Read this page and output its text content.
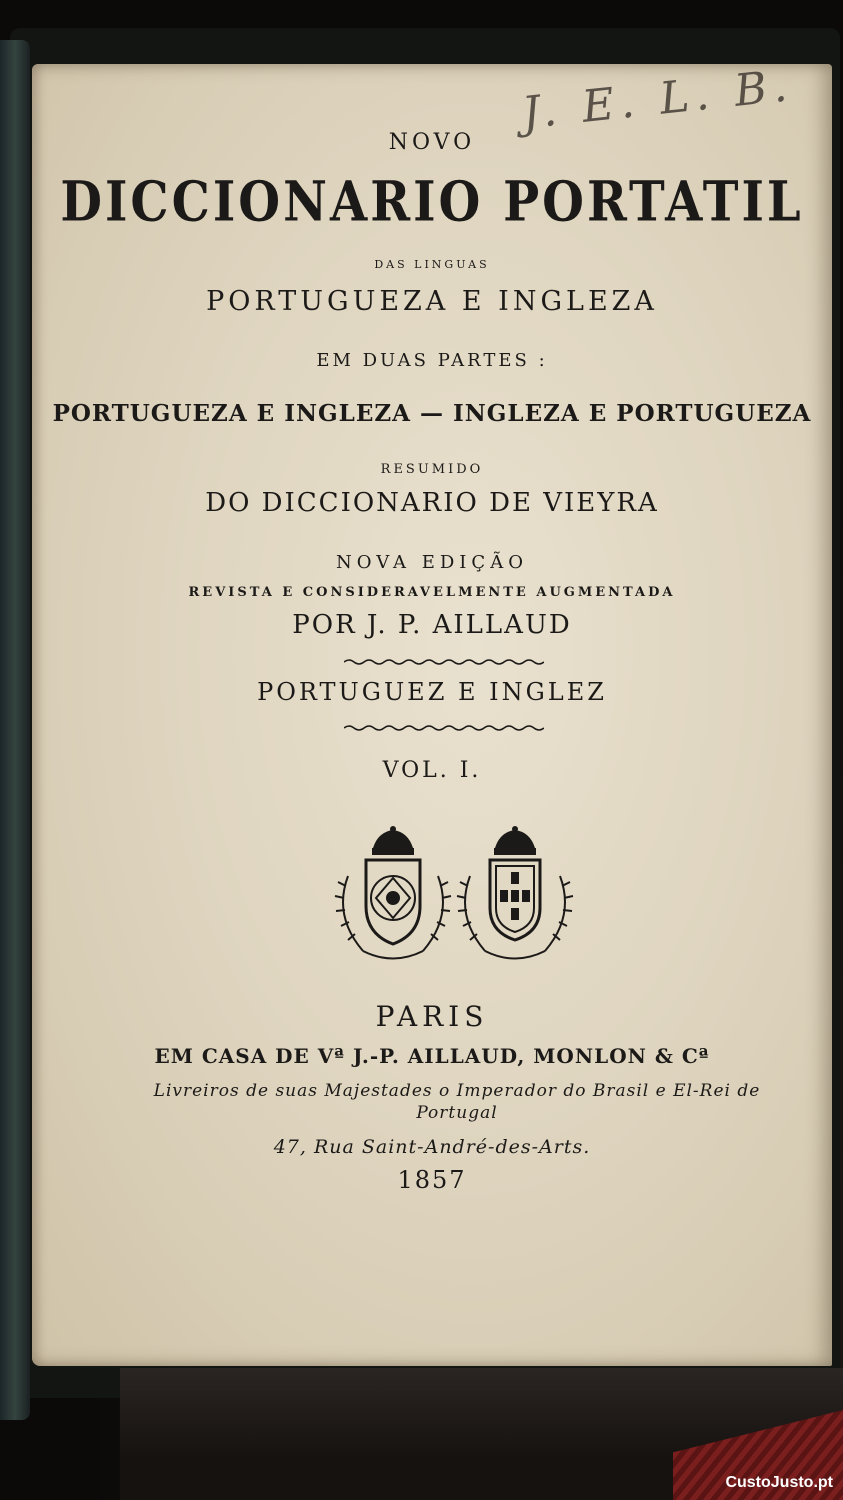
J. E. L. B.
NOVO
DICCIONARIO PORTATIL
DAS LINGUAS
PORTUGUEZA E INGLEZA
EM DUAS PARTES :
PORTUGUEZA E INGLEZA — INGLEZA E PORTUGUEZA
RESUMIDO
DO DICCIONARIO DE VIEYRA
NOVA EDIÇÃO
REVISTA E CONSIDERAVELMENTE AUGMENTADA
POR J. P. AILLAUD
PORTUGUEZ E INGLEZ
VOL. I.
PARIS
EM CASA DE Vª J.-P. AILLAUD, MONLON & Cª
Livreiros de suas Majestades o Imperador do Brasil e El-Rei de Portugal
47, Rua Saint-André-des-Arts.
1857
CustoJusto.pt
